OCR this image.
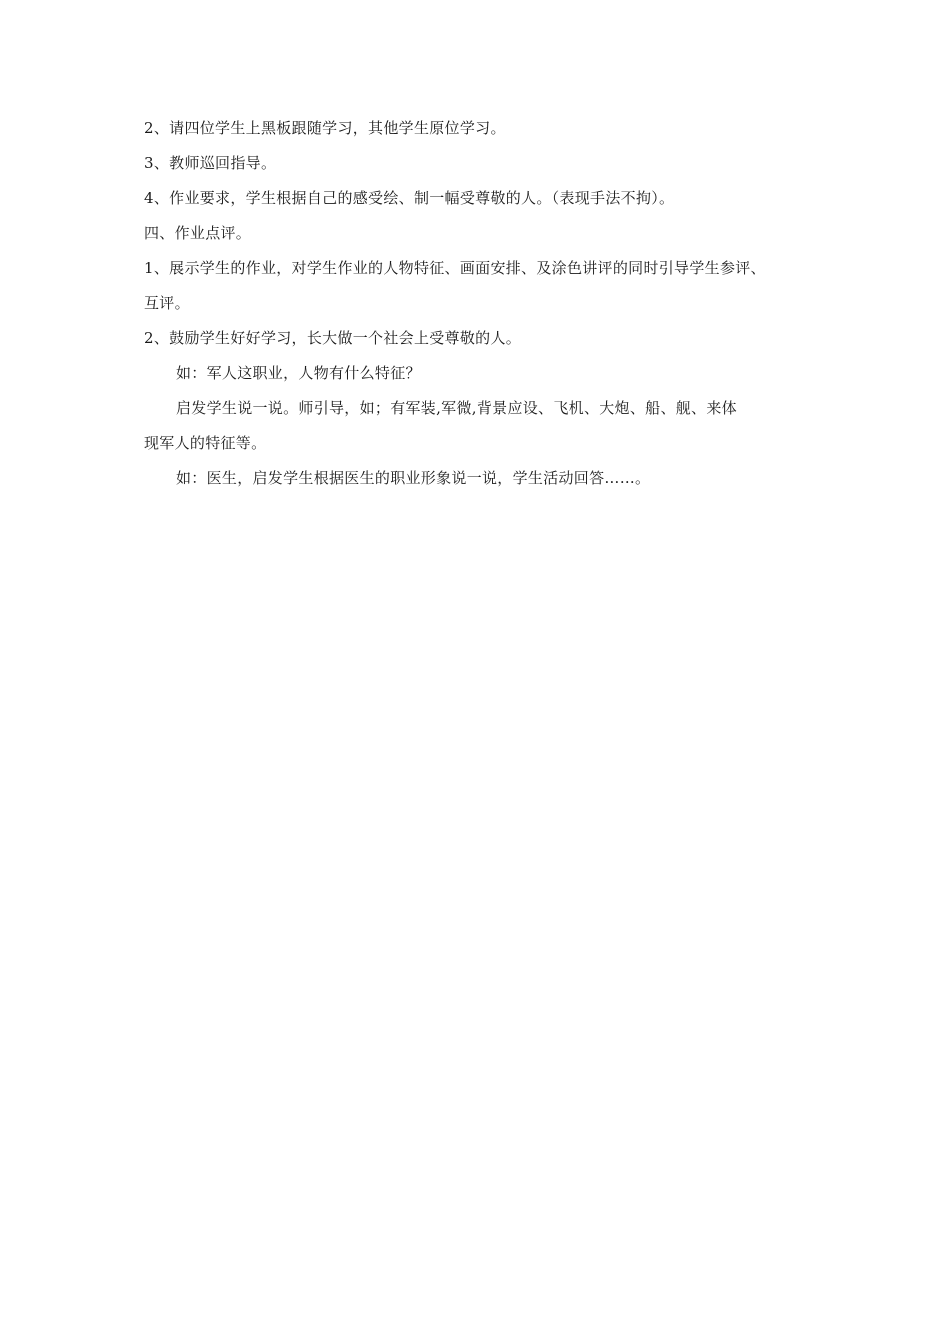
2、请四位学生上黑板跟随学习，其他学生原位学习。
3、教师巡回指导。
4、作业要求，学生根据自己的感受绘、制一幅受尊敬的人。（表现手法不拘）。
四、作业点评。
1、展示学生的作业，对学生作业的人物特征、画面安排、及涂色讲评的同时引导学生参评、
互评。
2、鼓励学生好好学习，长大做一个社会上受尊敬的人。
如：军人这职业，人物有什么特征？
启发学生说一说。师引导，如；有军装,军微,背景应设、飞机、大炮、船、舰、来体
现军人的特征等。
如：医生，启发学生根据医生的职业形象说一说，学生活动回答……。
